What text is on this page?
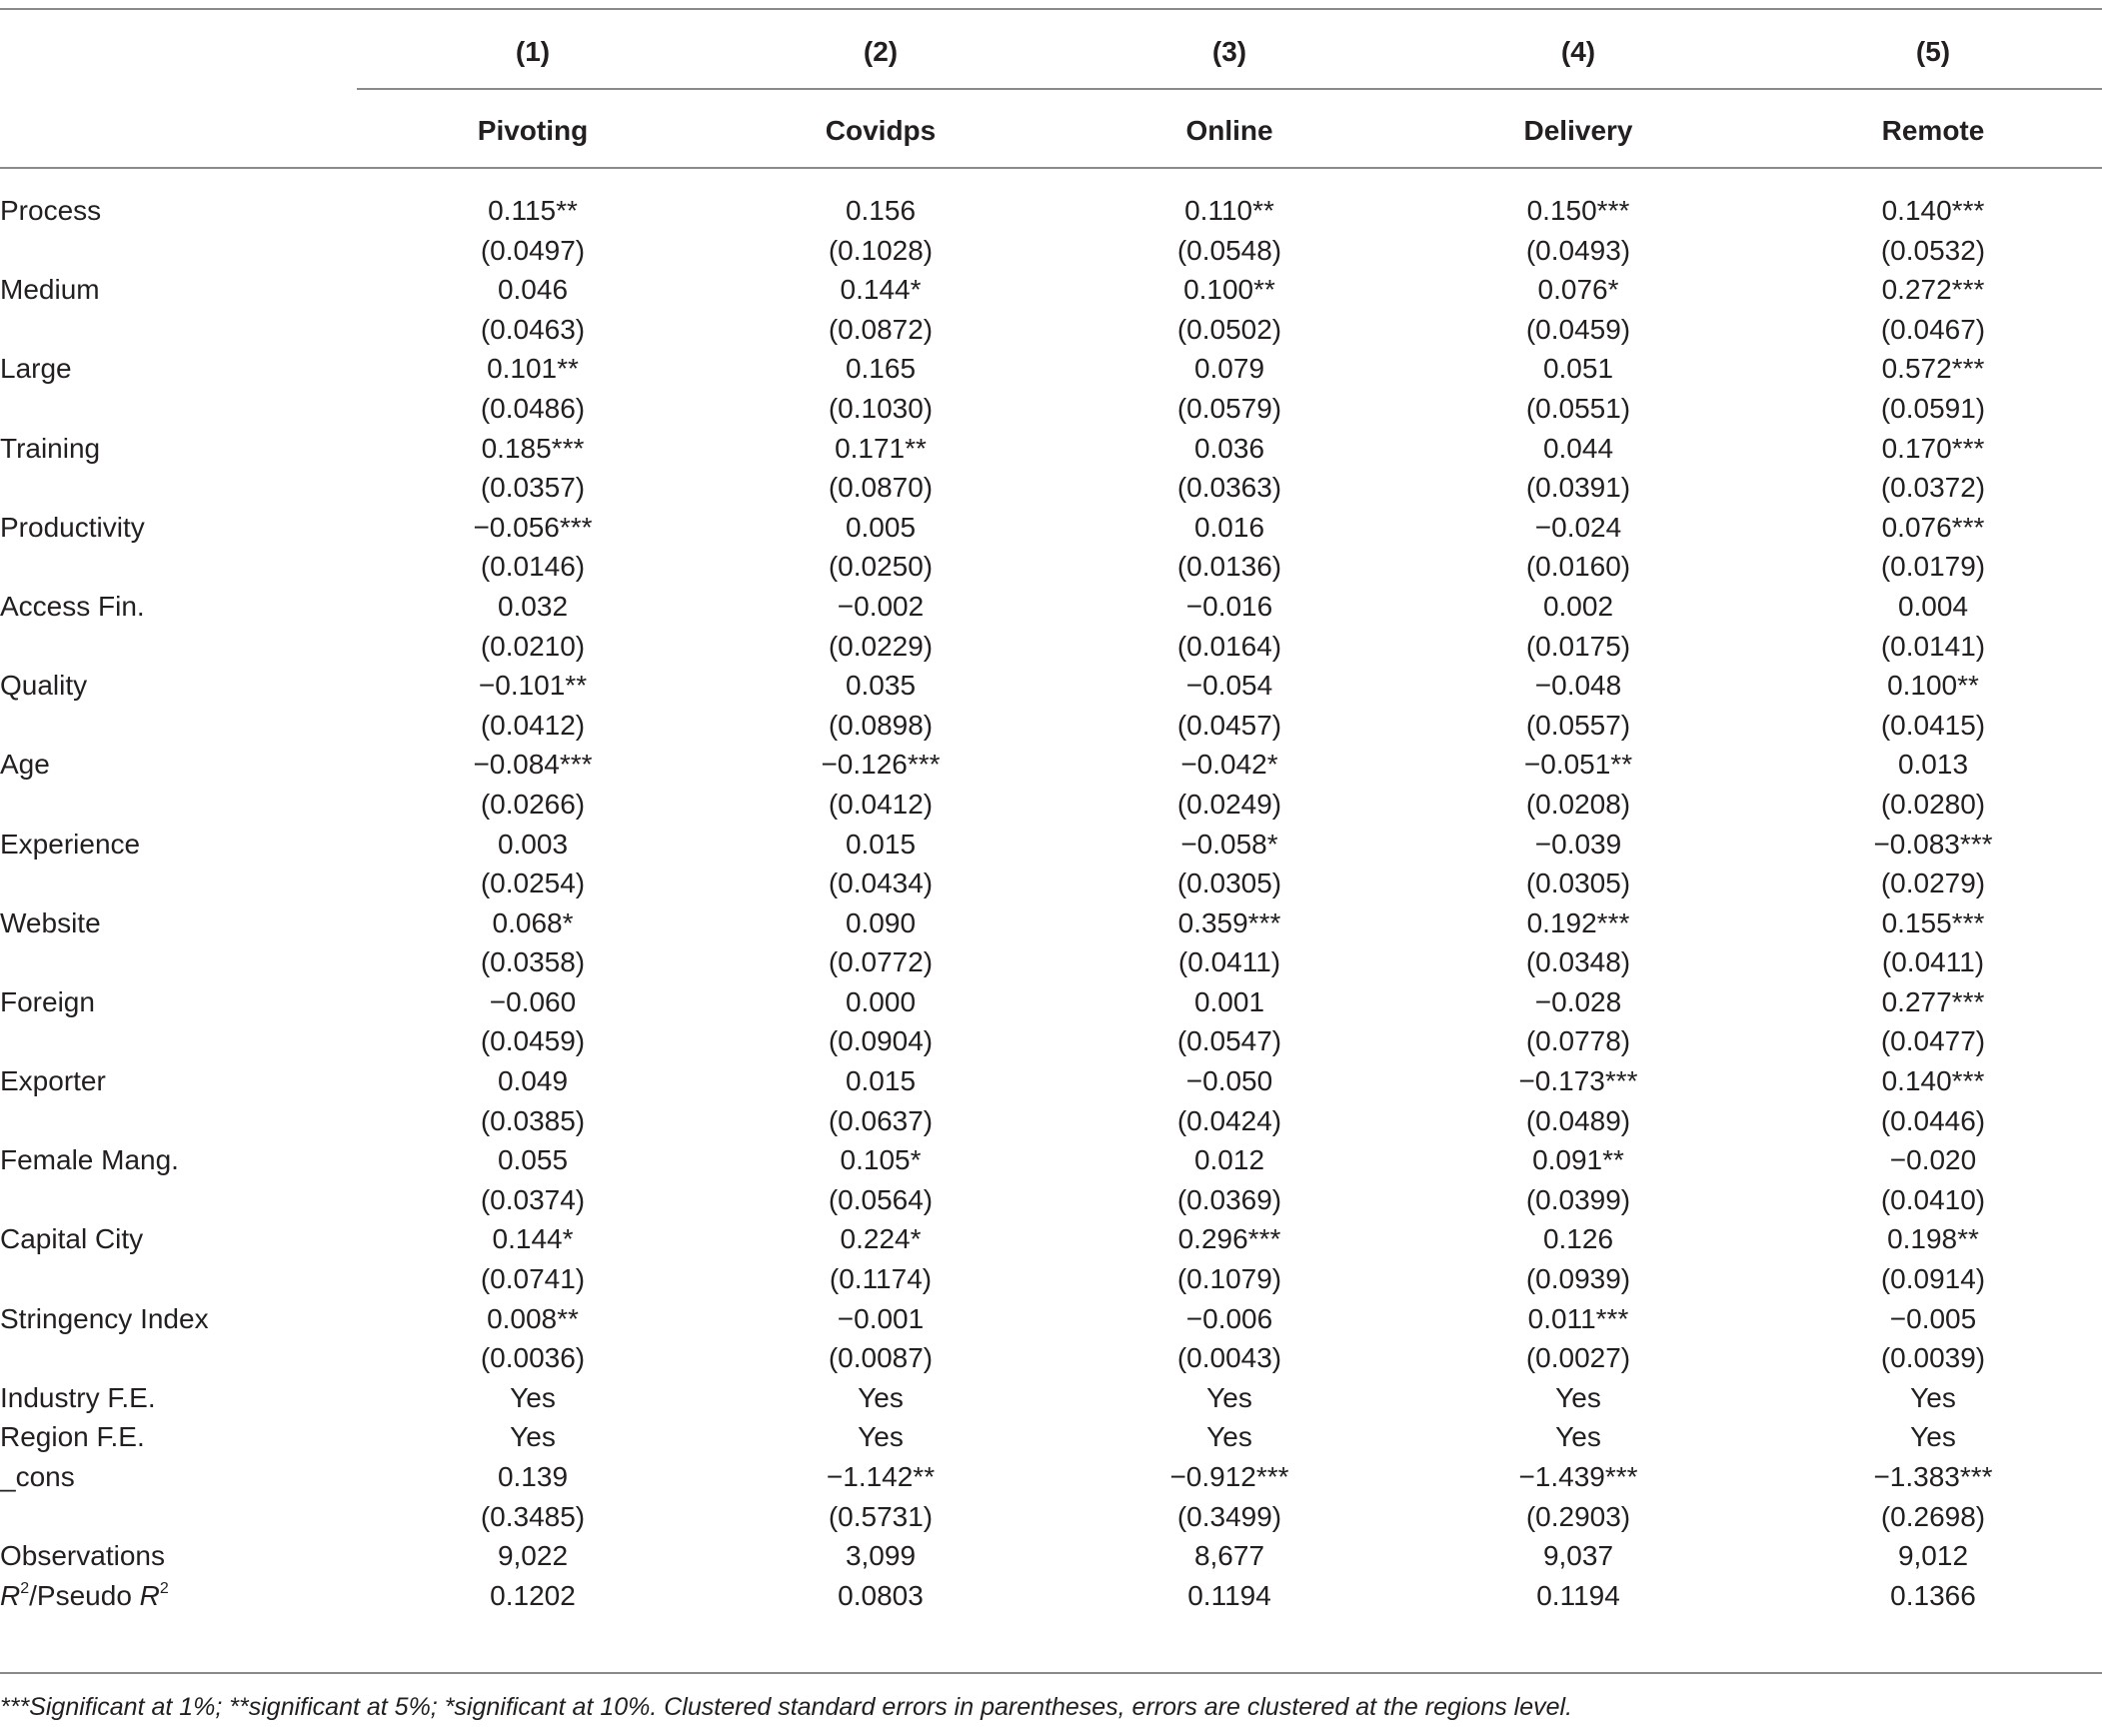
(1)	(2)	(3)	(4)	(5)
Pivoting	Covidps	Online	Delivery	Remote
Process	0.115**	0.156	0.110**	0.150***	0.140***
(0.0497)	(0.1028)	(0.0548)	(0.0493)	(0.0532)
Medium	0.046	0.144*	0.100**	0.076*	0.272***
(0.0463)	(0.0872)	(0.0502)	(0.0459)	(0.0467)
Large	0.101**	0.165	0.079	0.051	0.572***
(0.0486)	(0.1030)	(0.0579)	(0.0551)	(0.0591)
Training	0.185***	0.171**	0.036	0.044	0.170***
(0.0357)	(0.0870)	(0.0363)	(0.0391)	(0.0372)
Productivity	−0.056***	0.005	0.016	−0.024	0.076***
(0.0146)	(0.0250)	(0.0136)	(0.0160)	(0.0179)
Access Fin.	0.032	−0.002	−0.016	0.002	0.004
(0.0210)	(0.0229)	(0.0164)	(0.0175)	(0.0141)
Quality	−0.101**	0.035	−0.054	−0.048	0.100**
(0.0412)	(0.0898)	(0.0457)	(0.0557)	(0.0415)
Age	−0.084***	−0.126***	−0.042*	−0.051**	0.013
(0.0266)	(0.0412)	(0.0249)	(0.0208)	(0.0280)
Experience	0.003	0.015	−0.058*	−0.039	−0.083***
(0.0254)	(0.0434)	(0.0305)	(0.0305)	(0.0279)
Website	0.068*	0.090	0.359***	0.192***	0.155***
(0.0358)	(0.0772)	(0.0411)	(0.0348)	(0.0411)
Foreign	−0.060	0.000	0.001	−0.028	0.277***
(0.0459)	(0.0904)	(0.0547)	(0.0778)	(0.0477)
Exporter	0.049	0.015	−0.050	−0.173***	0.140***
(0.0385)	(0.0637)	(0.0424)	(0.0489)	(0.0446)
Female Mang.	0.055	0.105*	0.012	0.091**	−0.020
(0.0374)	(0.0564)	(0.0369)	(0.0399)	(0.0410)
Capital City	0.144*	0.224*	0.296***	0.126	0.198**
(0.0741)	(0.1174)	(0.1079)	(0.0939)	(0.0914)
Stringency Index	0.008**	−0.001	−0.006	0.011***	−0.005
(0.0036)	(0.0087)	(0.0043)	(0.0027)	(0.0039)
Industry F.E.	Yes	Yes	Yes	Yes	Yes
Region F.E.	Yes	Yes	Yes	Yes	Yes
_cons	0.139	−1.142**	−0.912***	−1.439***	−1.383***
(0.3485)	(0.5731)	(0.3499)	(0.2903)	(0.2698)
Observations	9,022	3,099	8,677	9,037	9,012
$R^2$/Pseudo $R^2$	0.1202	0.0803	0.1194	0.1194	0.1366
***Significant at 1%; **significant at 5%; *significant at 10%. Clustered standard errors in parentheses, errors are clustered at the regions level.
